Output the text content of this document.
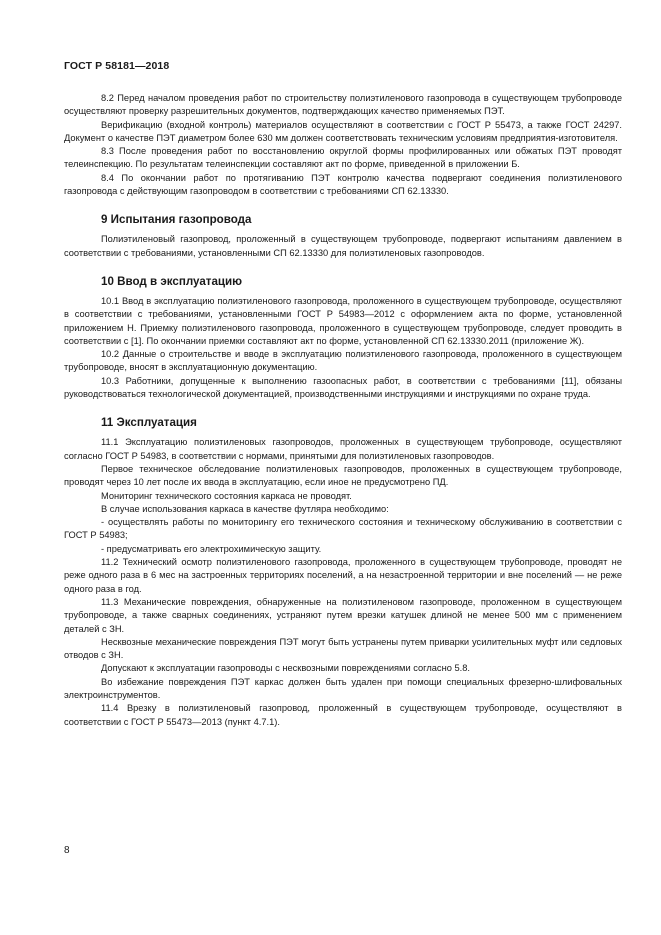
ГОСТ Р 58181—2018

8.2 Перед началом проведения работ по строительству полиэтиленового газопровода в существующем трубопроводе осуществляют проверку разрешительных документов, подтверждающих качество применяемых ПЭТ.

Верификацию (входной контроль) материалов осуществляют в соответствии с ГОСТ Р 55473, а также ГОСТ 24297. Документ о качестве ПЭТ диаметром более 630 мм должен соответствовать техническим условиям предприятия-изготовителя.

8.3 После проведения работ по восстановлению округлой формы профилированных или обжатых ПЭТ проводят телеинспекцию. По результатам телеинспекции составляют акт по форме, приведенной в приложении Б.

8.4 По окончании работ по протягиванию ПЭТ контролю качества подвергают соединения полиэтиленового газопровода с действующим газопроводом в соответствии с требованиями СП 62.13330.

9 Испытания газопровода

Полиэтиленовый газопровод, проложенный в существующем трубопроводе, подвергают испытаниям давлением в соответствии с требованиями, установленными СП 62.13330 для полиэтиленовых газопроводов.

10 Ввод в эксплуатацию

10.1 Ввод в эксплуатацию полиэтиленового газопровода, проложенного в существующем трубопроводе, осуществляют в соответствии с требованиями, установленными ГОСТ Р 54983—2012 с оформлением акта по форме, установленной приложением Н. Приемку полиэтиленового газопровода, проложенного в существующем трубопроводе, следует проводить в соответствии с [1]. По окончании приемки составляют акт по форме, установленной СП 62.13330.2011 (приложение Ж).

10.2 Данные о строительстве и вводе в эксплуатацию полиэтиленового газопровода, проложенного в существующем трубопроводе, вносят в эксплуатационную документацию.

10.3 Работники, допущенные к выполнению газоопасных работ, в соответствии с требованиями [11], обязаны руководствоваться технологической документацией, производственными инструкциями и инструкциями по охране труда.

11 Эксплуатация

11.1 Эксплуатацию полиэтиленовых газопроводов, проложенных в существующем трубопроводе, осуществляют согласно ГОСТ Р 54983, в соответствии с нормами, принятыми для полиэтиленовых газопроводов.

Первое техническое обследование полиэтиленовых газопроводов, проложенных в существующем трубопроводе, проводят через 10 лет после их ввода в эксплуатацию, если иное не предусмотрено ПД.

Мониторинг технического состояния каркаса не проводят.

В случае использования каркаса в качестве футляра необходимо:

- осуществлять работы по мониторингу его технического состояния и техническому обслуживанию в соответствии с ГОСТ Р 54983;

- предусматривать его электрохимическую защиту.

11.2 Технический осмотр полиэтиленового газопровода, проложенного в существующем трубопроводе, проводят не реже одного раза в 6 мес на застроенных территориях поселений, а на незастроенной территории и вне поселений — не реже одного раза в год.

11.3 Механические повреждения, обнаруженные на полиэтиленовом газопроводе, проложенном в существующем трубопроводе, а также сварных соединениях, устраняют путем врезки катушек длиной не менее 500 мм с применением деталей с ЗН.

Несквозные механические повреждения ПЭТ могут быть устранены путем приварки усилительных муфт или седловых отводов с ЗН.

Допускают к эксплуатации газопроводы с несквозными повреждениями согласно 5.8.

Во избежание повреждения ПЭТ каркас должен быть удален при помощи специальных фрезерно-шлифовальных электроинструментов.

11.4 Врезку в полиэтиленовый газопровод, проложенный в существующем трубопроводе, осуществляют в соответствии с ГОСТ Р 55473—2013 (пункт 4.7.1).

8
